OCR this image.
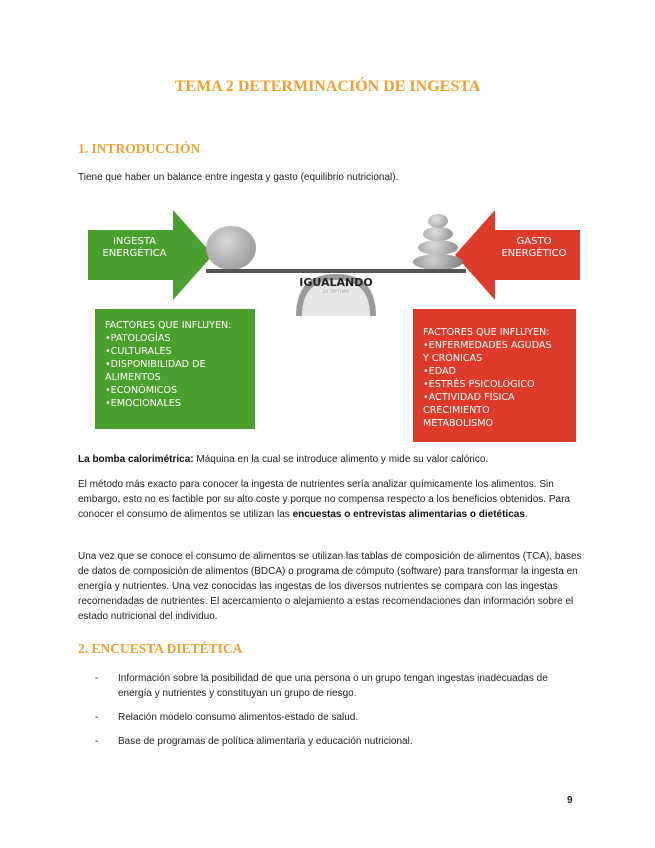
TEMA 2 DETERMINACIÓN DE INGESTA
1. INTRODUCCIÓN

Tiene que haber un balance entre ingesta y gasto (equilibrio nutricional).

INGESTA
ENERGÉTICA
GASTO
ENERGÉTICO
IGUALANDO
LO ÓPTIMO
FACTORES QUE INFLUYEN:
•PATOLOGÍAS
•CULTURALES
•DISPONIBILIDAD DE
ALIMENTOS
•ECONÓMICOS
•EMOCIONALES
FACTORES QUE INFLUYEN:
•ENFERMEDADES AGUDAS
Y CRÓNICAS
•EDAD
•ESTRÉS PSICOLÓGICO
•ACTIVIDAD FÍSICA
CRECIMIENTO
METABOLISMO

La bomba calorimétrica: Máquina en la cual se introduce alimento y mide su valor calórico.

El método más exacto para conocer la ingesta de nutrientes sería analizar químicamente los alimentos. Sin embargo, esto no es factible por su alto coste y porque no compensa respecto a los beneficios obtenidos. Para conocer el consumo de alimentos se utilizan las encuestas o entrevistas alimentarias o dietéticas.

Una vez que se conoce el consumo de alimentos se utilizan las tablas de composición de alimentos (TCA), bases de datos de composición de alimentos (BDCA) o programa de cómputo (software) para transformar la ingesta en energía y nutrientes. Una vez conocidas las ingestas de los diversos nutrientes se compara con las ingestas recomendadas de nutrientes. El acercamiento o alejamiento a estas recomendaciones dan información sobre el estado nutricional del individuo.

2. ENCUESTA DIETÉTICA
- Información sobre la posibilidad de que una persona o un grupo tengan ingestas inadecuadas de energía y nutrientes y constituyan un grupo de riesgo.
- Relación modelo consumo alimentos-estado de salud.
- Base de programas de política alimentaria y educación nutricional.
9
